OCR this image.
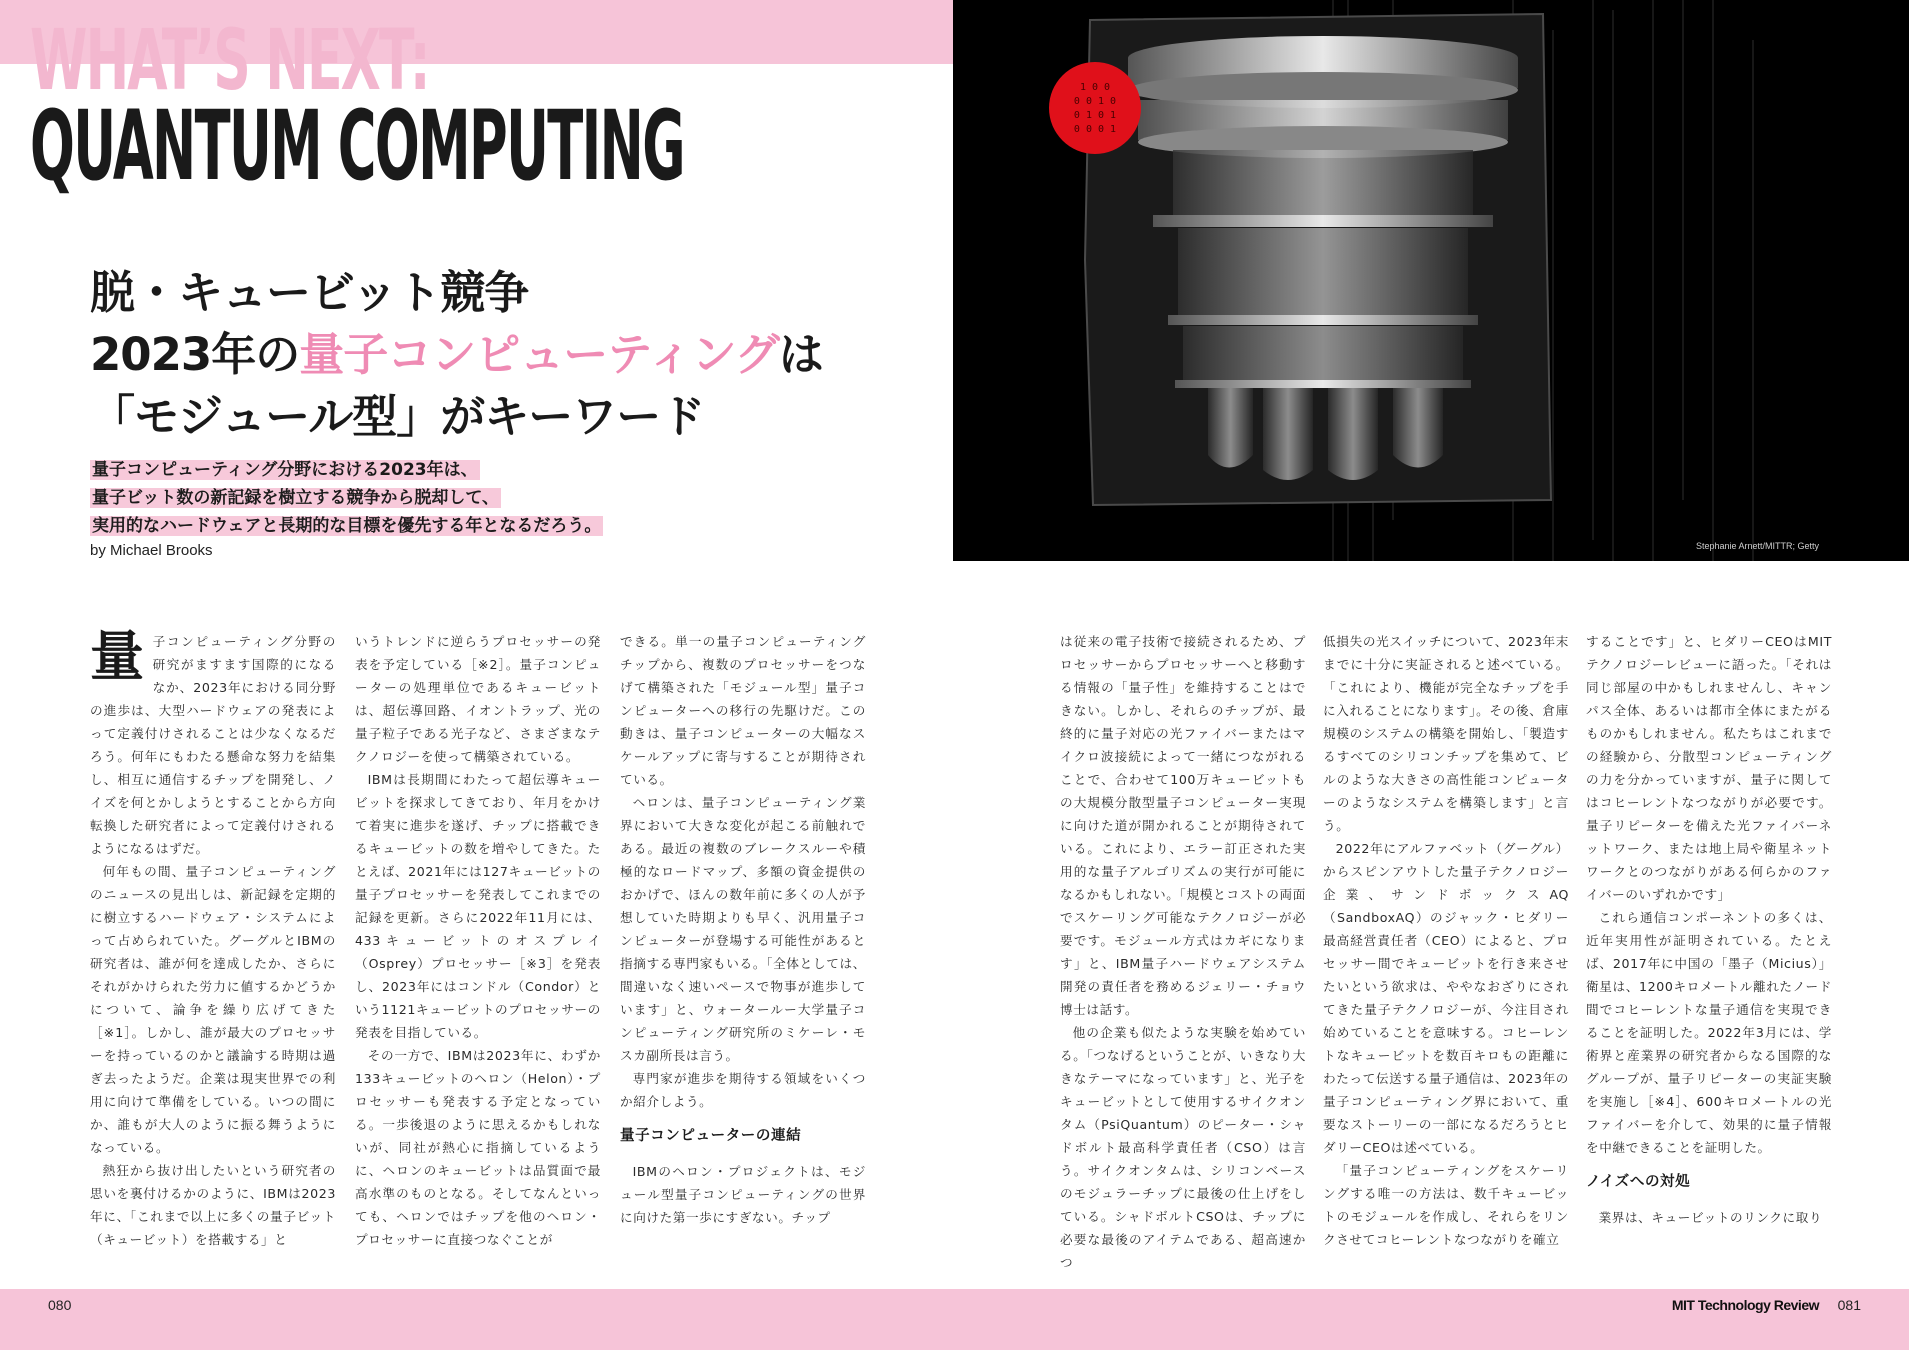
WHAT’S NEXT:
QUANTUM COMPUTING
脱・キュービット競争
2023年の量子コンピューティングは
「モジュール型」がキーワード
量子コンピューティング分野における2023年は、
量子ビット数の新記録を樹立する競争から脱却して、
実用的なハードウェアと長期的な目標を優先する年となるだろう。
by Michael Brooks
1 0 0
0 0 1 0
0 1 0 1
0 0 0 1
Stephanie Arnett/MITTR; Getty

量子コンピューティング分野の研究がますます国際的になるなか、2023年における同分野の進歩は、大型ハードウェアの発表によって定義付けされることは少なくなるだろう。何年にもわたる懸命な努力を結集し、相互に通信するチップを開発し、ノイズを何とかしようとすることから方向転換した研究者によって定義付けされるようになるはずだ。

何年もの間、量子コンピューティングのニュースの見出しは、新記録を定期的に樹立するハードウェア・システムによって占められていた。グーグルとIBMの研究者は、誰が何を達成したか、さらにそれがかけられた労力に値するかどうかについて、論争を繰り広げてきた［※1］。しかし、誰が最大のプロセッサーを持っているのかと議論する時期は過ぎ去ったようだ。企業は現実世界での利用に向けて準備をしている。いつの間にか、誰もが大人のように振る舞うようになっている。

熱狂から抜け出したいという研究者の思いを裏付けるかのように、IBMは2023年に、「これまで以上に多くの量子ビット（キュービット）を搭載する」と

いうトレンドに逆らうプロセッサーの発表を予定している［※2］。量子コンピューターの処理単位であるキュービットは、超伝導回路、イオントラップ、光の量子粒子である光子など、さまざまなテクノロジーを使って構築されている。

IBMは長期間にわたって超伝導キュービットを探求してきており、年月をかけて着実に進歩を遂げ、チップに搭載できるキュービットの数を増やしてきた。たとえば、2021年には127キュービットの量子プロセッサーを発表してこれまでの記録を更新。さらに2022年11月には、433キュービットのオスプレイ（Osprey）プロセッサー［※3］を発表し、2023年にはコンドル（Condor）という1121キュービットのプロセッサーの発表を目指している。

その一方で、IBMは2023年に、わずか133キュービットのヘロン（Helon）・プロセッサーも発表する予定となっている。一歩後退のように思えるかもしれないが、同社が熱心に指摘しているように、ヘロンのキュービットは品質面で最高水準のものとなる。そしてなんといっても、ヘロンではチップを他のヘロン・プロセッサーに直接つなぐことが

できる。単一の量子コンピューティングチップから、複数のプロセッサーをつなげて構築された「モジュール型」量子コンピューターへの移行の先駆けだ。この動きは、量子コンピューターの大幅なスケールアップに寄与することが期待されている。

ヘロンは、量子コンピューティング業界において大きな変化が起こる前触れである。最近の複数のブレークスルーや積極的なロードマップ、多額の資金提供のおかげで、ほんの数年前に多くの人が予想していた時期よりも早く、汎用量子コンピューターが登場する可能性があると指摘する専門家もいる。「全体としては、間違いなく速いペースで物事が進歩しています」と、ウォータールー大学量子コンピューティング研究所のミケーレ・モスカ副所長は言う。

専門家が進歩を期待する領域をいくつか紹介しよう。

量子コンピューターの連結

IBMのヘロン・プロジェクトは、モジュール型量子コンピューティングの世界に向けた第一歩にすぎない。チップ

は従来の電子技術で接続されるため、プロセッサーからプロセッサーへと移動する情報の「量子性」を維持することはできない。しかし、それらのチップが、最終的に量子対応の光ファイバーまたはマイクロ波接続によって一緒につながれることで、合わせて100万キュービットもの大規模分散型量子コンピューター実現に向けた道が開かれることが期待されている。これにより、エラー訂正された実用的な量子アルゴリズムの実行が可能になるかもしれない。「規模とコストの両面でスケーリング可能なテクノロジーが必要です。モジュール方式はカギになります」と、IBM量子ハードウェアシステム開発の責任者を務めるジェリー・チョウ博士は話す。

他の企業も似たような実験を始めている。「つなげるということが、いきなり大きなテーマになっています」と、光子をキュービットとして使用するサイクオンタム（PsiQuantum）のピーター・シャドボルト最高科学責任者（CSO）は言う。サイクオンタムは、シリコンベースのモジュラーチップに最後の仕上げをしている。シャドボルトCSOは、チップに必要な最後のアイテムである、超高速かつ

低損失の光スイッチについて、2023年末までに十分に実証されると述べている。「これにより、機能が完全なチップを手に入れることになります」。その後、倉庫規模のシステムの構築を開始し、「製造するすべてのシリコンチップを集めて、ビルのような大きさの高性能コンピューターのようなシステムを構築します」と言う。

2022年にアルファベット（グーグル）からスピンアウトした量子テクノロジー企業、サンドボックスAQ（SandboxAQ）のジャック・ヒダリー最高経営責任者（CEO）によると、プロセッサー間でキュービットを行き来させたいという欲求は、ややなおざりにされてきた量子テクノロジーが、今注目され始めていることを意味する。コヒーレントなキュービットを数百キロもの距離にわたって伝送する量子通信は、2023年の量子コンピューティング界において、重要なストーリーの一部になるだろうとヒダリーCEOは述べている。

「量子コンピューティングをスケーリングする唯一の方法は、数千キュービットのモジュールを作成し、それらをリンクさせてコヒーレントなつながりを確立

することです」と、ヒダリーCEOはMITテクノロジーレビューに語った。「それは同じ部屋の中かもしれませんし、キャンパス全体、あるいは都市全体にまたがるものかもしれません。私たちはこれまでの経験から、分散型コンピューティングの力を分かっていますが、量子に関してはコヒーレントなつながりが必要です。量子リピーターを備えた光ファイバーネットワーク、または地上局や衛星ネットワークとのつながりがある何らかのファイバーのいずれかです」

これら通信コンポーネントの多くは、近年実用性が証明されている。たとえば、2017年に中国の「墨子（Micius）」衛星は、1200キロメートル離れたノード間でコヒーレントな量子通信を実現できることを証明した。2022年3月には、学術界と産業界の研究者からなる国際的なグループが、量子リピーターの実証実験を実施し［※4］、600キロメートルの光ファイバーを介して、効果的に量子情報を中継できることを証明した。

ノイズへの対処

業界は、キュービットのリンクに取り

080	MIT Technology Review 081
